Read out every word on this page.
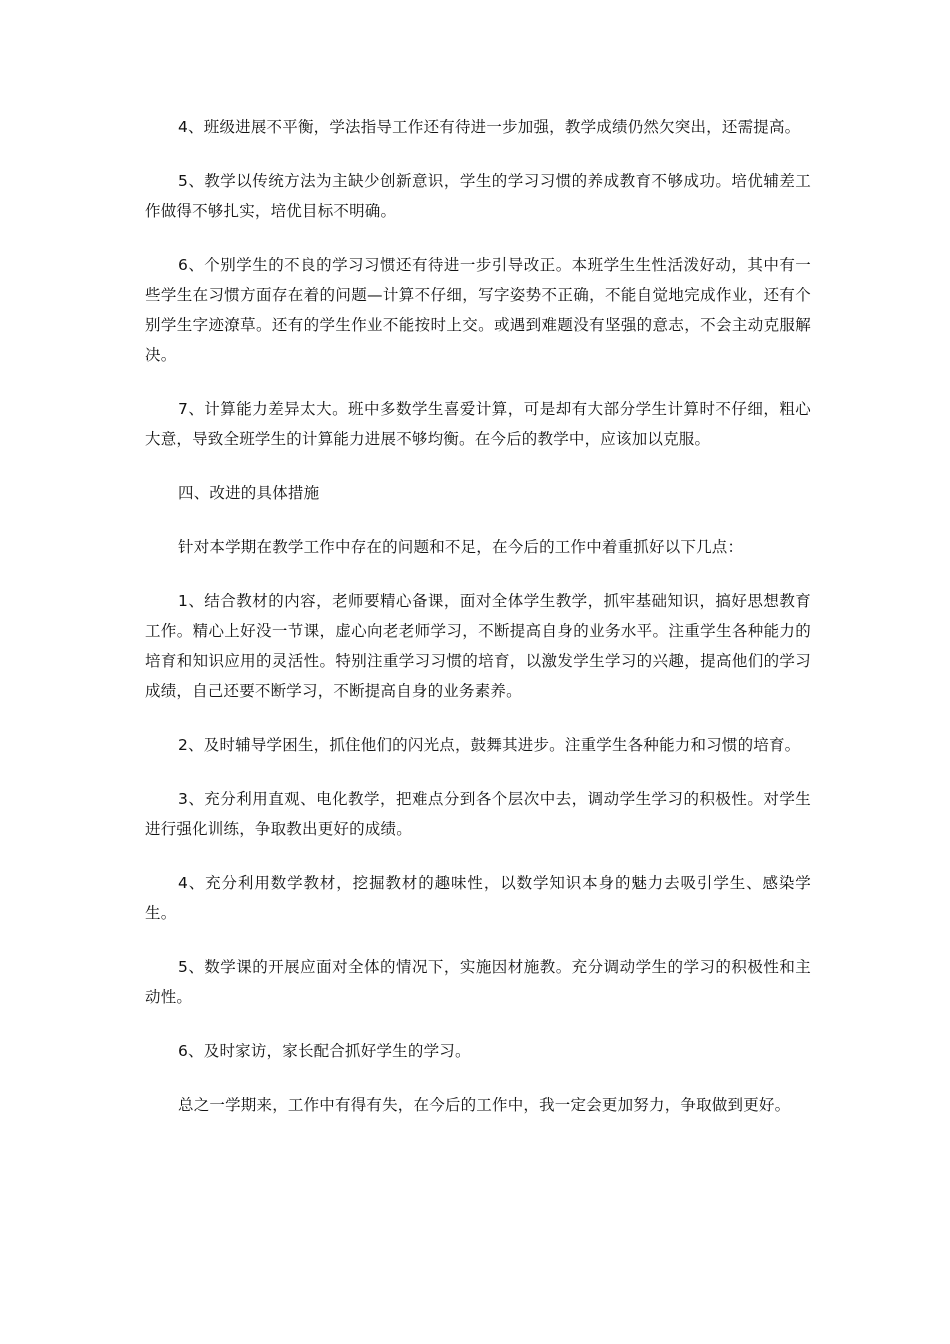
4、班级进展不平衡，学法指导工作还有待进一步加强，教学成绩仍然欠突出，还需提高。

5、教学以传统方法为主缺少创新意识，学生的学习习惯的养成教育不够成功。培优辅差工作做得不够扎实，培优目标不明确。

6、个别学生的不良的学习习惯还有待进一步引导改正。本班学生生性活泼好动，其中有一些学生在习惯方面存在着的问题—计算不仔细，写字姿势不正确，不能自觉地完成作业，还有个别学生字迹潦草。还有的学生作业不能按时上交。或遇到难题没有坚强的意志，不会主动克服解决。

7、计算能力差异太大。班中多数学生喜爱计算，可是却有大部分学生计算时不仔细，粗心大意，导致全班学生的计算能力进展不够均衡。在今后的教学中，应该加以克服。

四、改进的具体措施

针对本学期在教学工作中存在的问题和不足，在今后的工作中着重抓好以下几点：

1、结合教材的内容，老师要精心备课，面对全体学生教学，抓牢基础知识，搞好思想教育工作。精心上好没一节课，虚心向老老师学习，不断提高自身的业务水平。注重学生各种能力的培育和知识应用的灵活性。特别注重学习习惯的培育，以激发学生学习的兴趣，提高他们的学习成绩，自己还要不断学习，不断提高自身的业务素养。

2、及时辅导学困生，抓住他们的闪光点，鼓舞其进步。注重学生各种能力和习惯的培育。

3、充分利用直观、电化教学，把难点分到各个层次中去，调动学生学习的积极性。对学生进行强化训练，争取教出更好的成绩。

4、充分利用数学教材，挖掘教材的趣味性，以数学知识本身的魅力去吸引学生、感染学生。

5、数学课的开展应面对全体的情况下，实施因材施教。充分调动学生的学习的积极性和主动性。

6、及时家访，家长配合抓好学生的学习。

总之一学期来，工作中有得有失，在今后的工作中，我一定会更加努力，争取做到更好。
